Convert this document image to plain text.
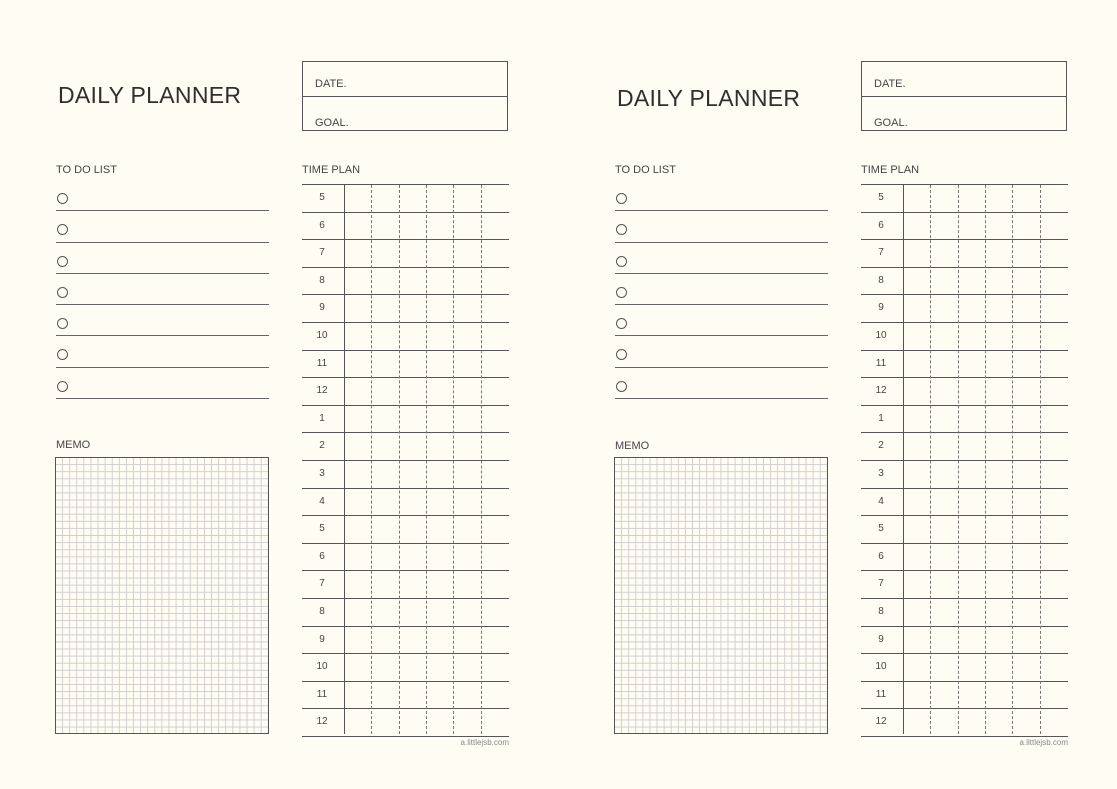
DAILY PLANNER	DATE.
GOAL.
TO DO LIST
MEMO
TIME PLAN
5
6
7
8
9
10
11
12
1
2
3
4
5
6
7
8
9
10
11
12
a.littlejsb.com
DAILY PLANNER
DATE.
GOAL.
TO DO LIST
MEMO
TIME PLAN
5
6
7
8
9
10
11
12
1
2
3
4
5
6
7
8
9
10
11
12
a.littlejsb.com
